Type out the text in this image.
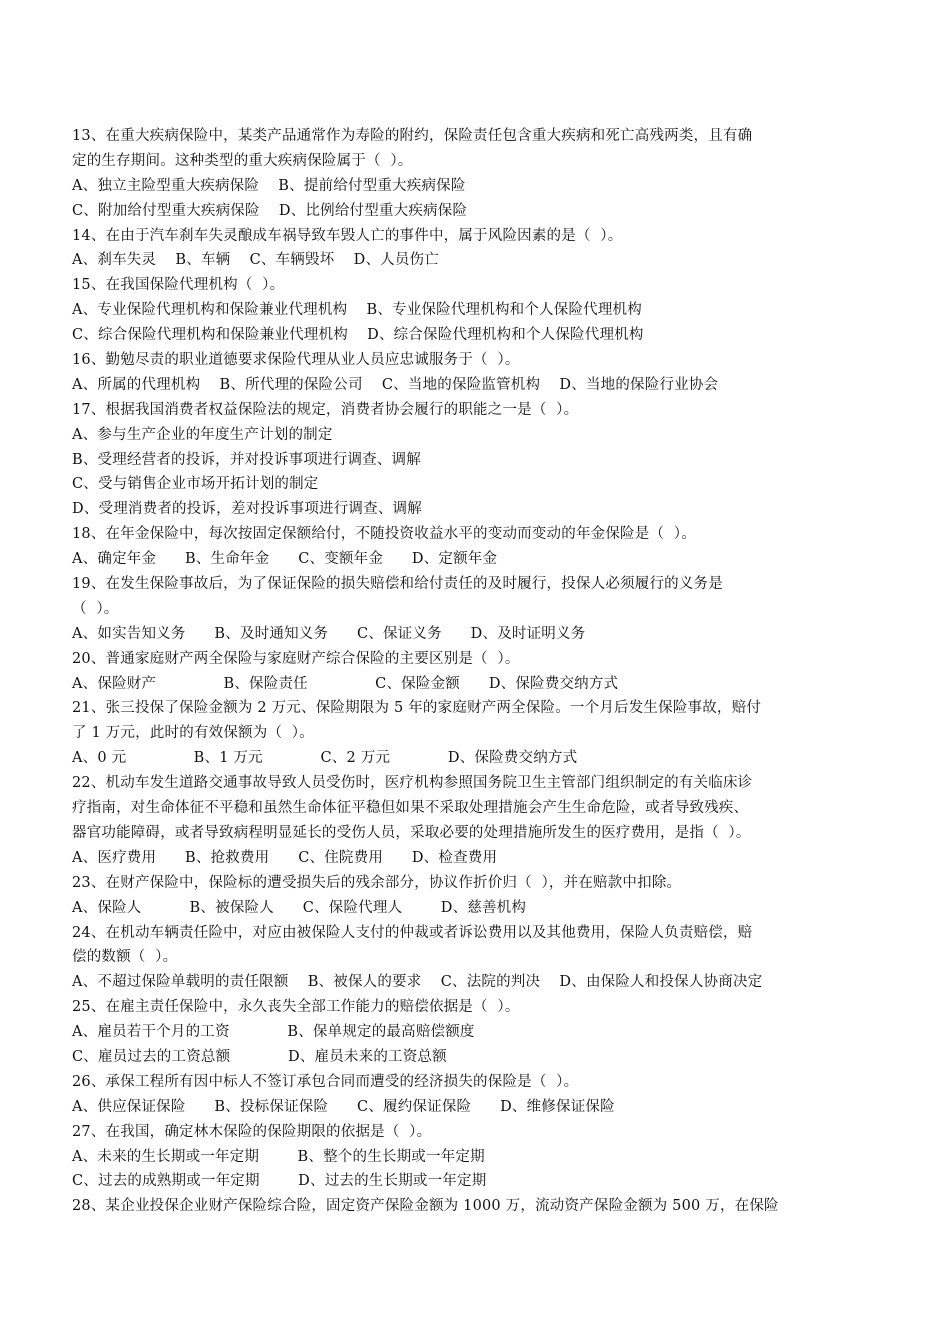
13、在重大疾病保险中，某类产品通常作为寿险的附约，保险责任包含重大疾病和死亡高残两类，且有确
定的生存期间。这种类型的重大疾病保险属于（  ）。
A、独立主险型重大疾病保险    B、提前给付型重大疾病保险
C、附加给付型重大疾病保险    D、比例给付型重大疾病保险
14、在由于汽车刹车失灵酿成车祸导致车毁人亡的事件中，属于风险因素的是（  ）。
A、刹车失灵    B、车辆    C、车辆毁坏    D、人员伤亡
15、在我国保险代理机构（  ）。
A、专业保险代理机构和保险兼业代理机构    B、专业保险代理机构和个人保险代理机构
C、综合保险代理机构和保险兼业代理机构    D、综合保险代理机构和个人保险代理机构
16、勤勉尽责的职业道德要求保险代理从业人员应忠诚服务于（  ）。
A、所属的代理机构    B、所代理的保险公司    C、当地的保险监管机构    D、当地的保险行业协会
17、根据我国消费者权益保险法的规定，消费者协会履行的职能之一是（  ）。
A、参与生产企业的年度生产计划的制定
B、受理经营者的投诉，并对投诉事项进行调查、调解
C、受与销售企业市场开拓计划的制定
D、受理消费者的投诉，差对投诉事项进行调查、调解
18、在年金保险中，每次按固定保额给付，不随投资收益水平的变动而变动的年金保险是（  ）。
A、确定年金      B、生命年金      C、变额年金      D、定额年金
19、在发生保险事故后，为了保证保险的损失赔偿和给付责任的及时履行，投保人必须履行的义务是
（  ）。
A、如实告知义务      B、及时通知义务      C、保证义务      D、及时证明义务
20、普通家庭财产两全保险与家庭财产综合保险的主要区别是（  ）。
A、保险财产              B、保险责任              C、保险金额      D、保险费交纳方式
21、张三投保了保险金额为 2 万元、保险期限为 5 年的家庭财产两全保险。一个月后发生保险事故，赔付
了 1 万元，此时的有效保额为（  ）。
A、0 元              B、1 万元            C、2 万元            D、保险费交纳方式
22、机动车发生道路交通事故导致人员受伤时，医疗机构参照国务院卫生主管部门组织制定的有关临床诊
疗指南，对生命体征不平稳和虽然生命体征平稳但如果不采取处理措施会产生生命危险，或者导致残疾、
器官功能障碍，或者导致病程明显延长的受伤人员，采取必要的处理措施所发生的医疗费用，是指（  ）。
A、医疗费用      B、抢救费用      C、住院费用      D、检查费用
23、在财产保险中，保险标的遭受损失后的残余部分，协议作折价归（  ），并在赔款中扣除。
A、保险人          B、被保险人      C、保险代理人        D、慈善机构
24、在机动车辆责任险中，对应由被保险人支付的仲裁或者诉讼费用以及其他费用，保险人负责赔偿，赔
偿的数额（  ）。
A、不超过保险单载明的责任限额    B、被保人的要求    C、法院的判决    D、由保险人和投保人协商决定
25、在雇主责任保险中，永久丧失全部工作能力的赔偿依据是（  ）。
A、雇员若干个月的工资            B、保单规定的最高赔偿额度
C、雇员过去的工资总额            D、雇员未来的工资总额
26、承保工程所有因中标人不签订承包合同而遭受的经济损失的保险是（  ）。
A、供应保证保险      B、投标保证保险      C、履约保证保险      D、维修保证保险
27、在我国，确定林木保险的保险期限的依据是（  ）。
A、未来的生长期或一年定期        B、整个的生长期或一年定期
C、过去的成熟期或一年定期        D、过去的生长期或一年定期
28、某企业投保企业财产保险综合险，固定资产保险金额为 1000 万，流动资产保险金额为 500 万，在保险
